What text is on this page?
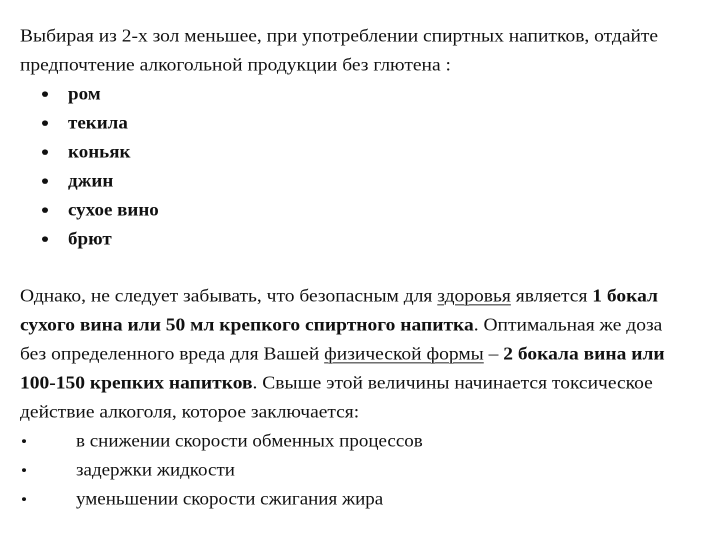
Выбирая из 2-х зол меньшее, при употреблении спиртных напитков, отдайте
предпочтение алкогольной продукции без глютена :
ром
текила
коньяк
джин
сухое вино
брют
Однако, не следует забывать, что безопасным для здоровья является 1 бокал
сухого вина или 50 мл крепкого спиртного напитка. Оптимальная же доза
без определенного вреда для Вашей физической формы – 2 бокала вина или
100-150 крепких напитков. Свыше этой величины начинается токсическое
действие алкоголя, которое заключается:
в снижении скорости обменных процессов
задержки жидкости
уменьшении скорости сжигания жира
